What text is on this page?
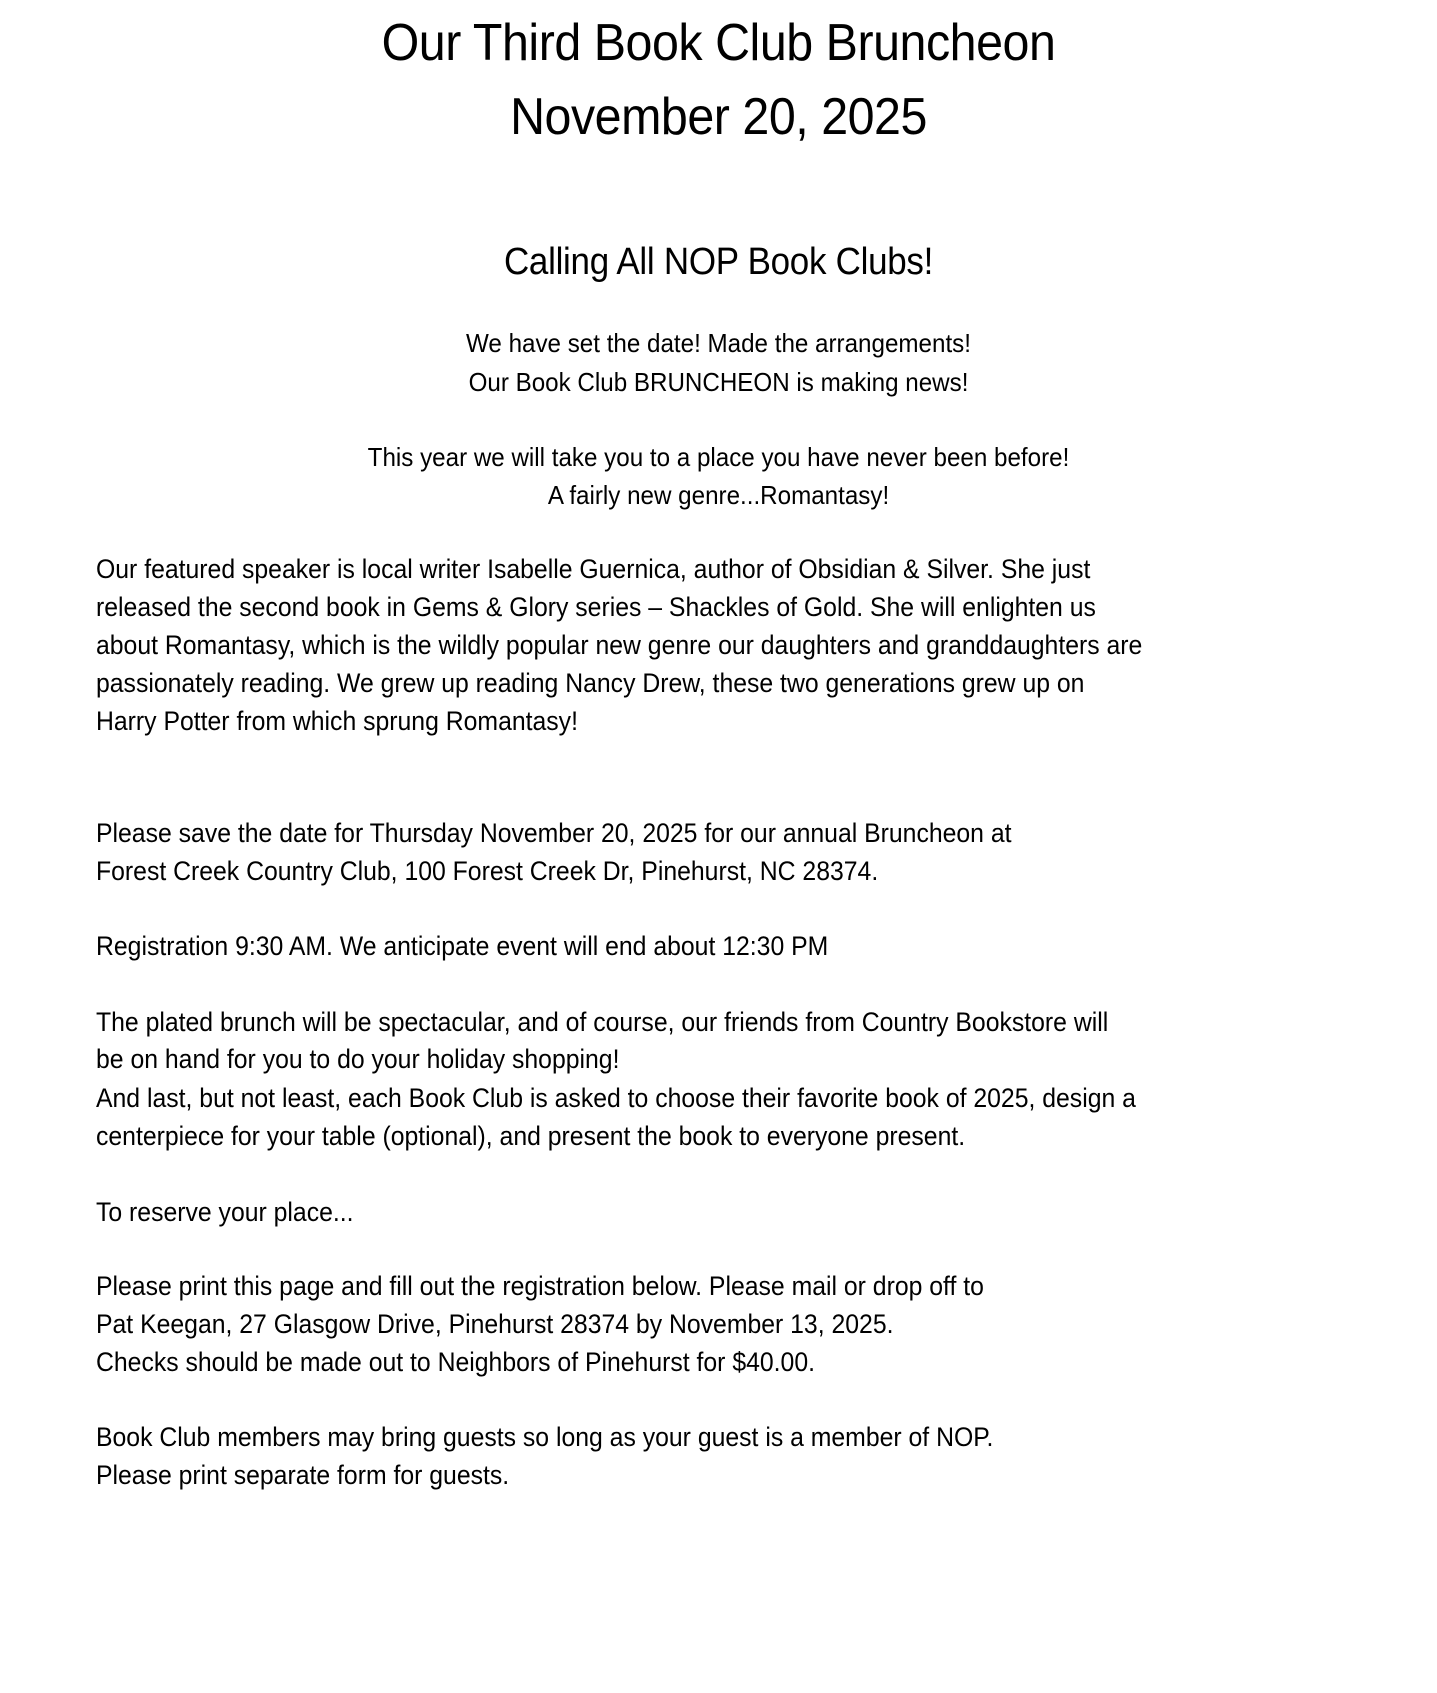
Our Third Book Club Bruncheon
November 20, 2025
Calling All NOP Book Clubs!
We have set the date! Made the arrangements!
Our Book Club BRUNCHEON is making news!
This year we will take you to a place you have never been before!
A fairly new genre...Romantasy!
Our featured speaker is local writer Isabelle Guernica, author of Obsidian & Silver. She just
released the second book in Gems & Glory series – Shackles of Gold. She will enlighten us
about Romantasy, which is the wildly popular new genre our daughters and granddaughters are
passionately reading. We grew up reading Nancy Drew, these two generations grew up on
Harry Potter from which sprung Romantasy!
Please save the date for Thursday November 20, 2025 for our annual Bruncheon at
Forest Creek Country Club, 100 Forest Creek Dr, Pinehurst, NC 28374.
Registration 9:30 AM. We anticipate event will end about 12:30 PM
The plated brunch will be spectacular, and of course, our friends from Country Bookstore will
be on hand for you to do your holiday shopping!
And last, but not least, each Book Club is asked to choose their favorite book of 2025, design a
centerpiece for your table (optional), and present the book to everyone present.
To reserve your place...
Please print this page and fill out the registration below. Please mail or drop off to
Pat Keegan, 27 Glasgow Drive, Pinehurst 28374 by November 13, 2025.
Checks should be made out to Neighbors of Pinehurst for $40.00.
Book Club members may bring guests so long as your guest is a member of NOP.
Please print separate form for guests.
